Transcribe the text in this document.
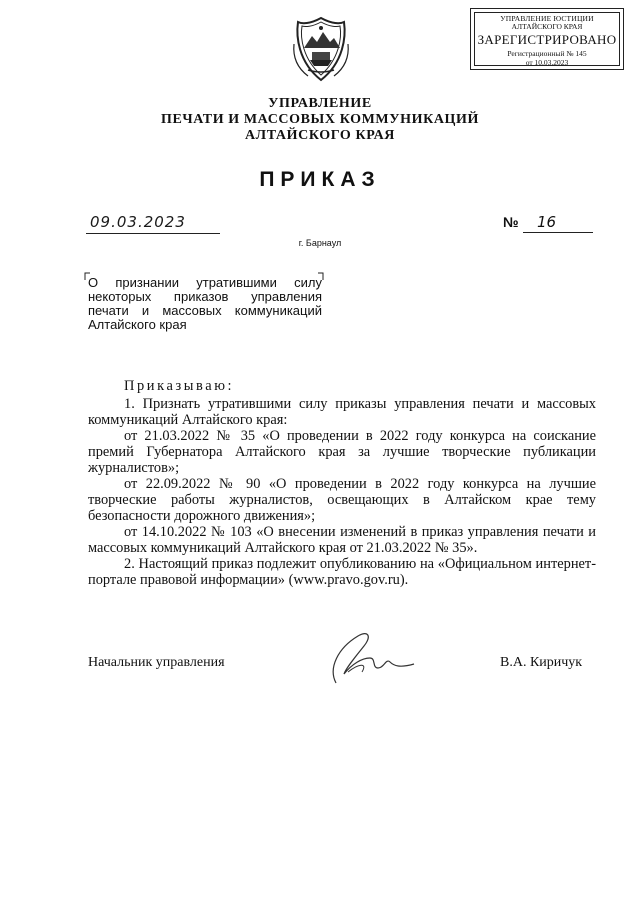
УПРАВЛЕНИЕ ЮСТИЦИИ
АЛТАЙСКОГО КРАЯ
ЗАРЕГИСТРИРОВАНО
Регистрационный № 145
от 10.03.2023
УПРАВЛЕНИЕ
ПЕЧАТИ И МАССОВЫХ КОММУНИКАЦИЙ
АЛТАЙСКОГО КРАЯ
ПРИКАЗ
09.03.2023	№	16
г. Барнаул
О признании утратившими силу некоторых приказов управления печати и массовых коммуникаций Алтайского края
Приказываю:

1. Признать утратившими силу приказы управления печати и массовых коммуникаций Алтайского края:

от 21.03.2022 № 35 «О проведении в 2022 году конкурса на соискание премий Губернатора Алтайского края за лучшие творческие публикации журналистов»;

от 22.09.2022 № 90 «О проведении в 2022 году конкурса на лучшие творческие работы журналистов, освещающих в Алтайском крае тему безопасности дорожного движения»;

от 14.10.2022 № 103 «О внесении изменений в приказ управления печати и массовых коммуникаций Алтайского края от 21.03.2022 № 35».

2. Настоящий приказ подлежит опубликованию на «Официальном интернет-портале правовой информации» (www.pravo.gov.ru).

Начальник управления	В.А. Киричук
